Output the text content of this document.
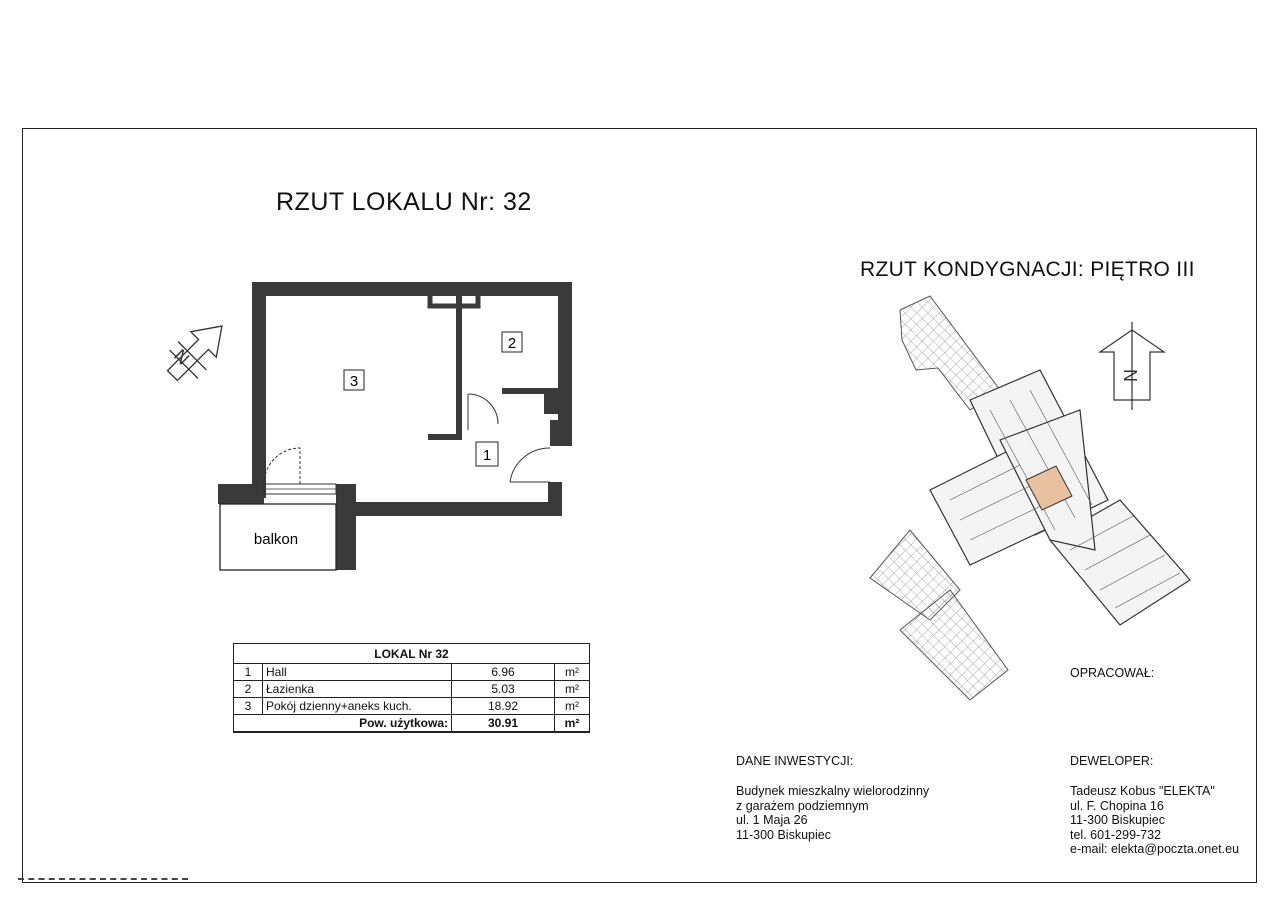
RZUT LOKALU Nr: 32
N
balkon
3
2
1
LOKAL Nr 32			
1	Hall	6.96	m²
2	Łazienka	5.03	m²
3	Pokój dzienny+aneks kuch.	18.92	m²
Pow. użytkowa:		30.91	m²
RZUT KONDYGNACJI: PIĘTRO III
N
OPRACOWAŁ:
DANE INWESTYCJI:
Budynek mieszkalny wielorodzinny
z garażem podziemnym
ul. 1 Maja 26
11-300 Biskupiec
DEWELOPER:
Tadeusz Kobus "ELEKTA"
ul. F. Chopina 16
11-300 Biskupiec
tel. 601-299-732
e-mail: elekta@poczta.onet.eu
